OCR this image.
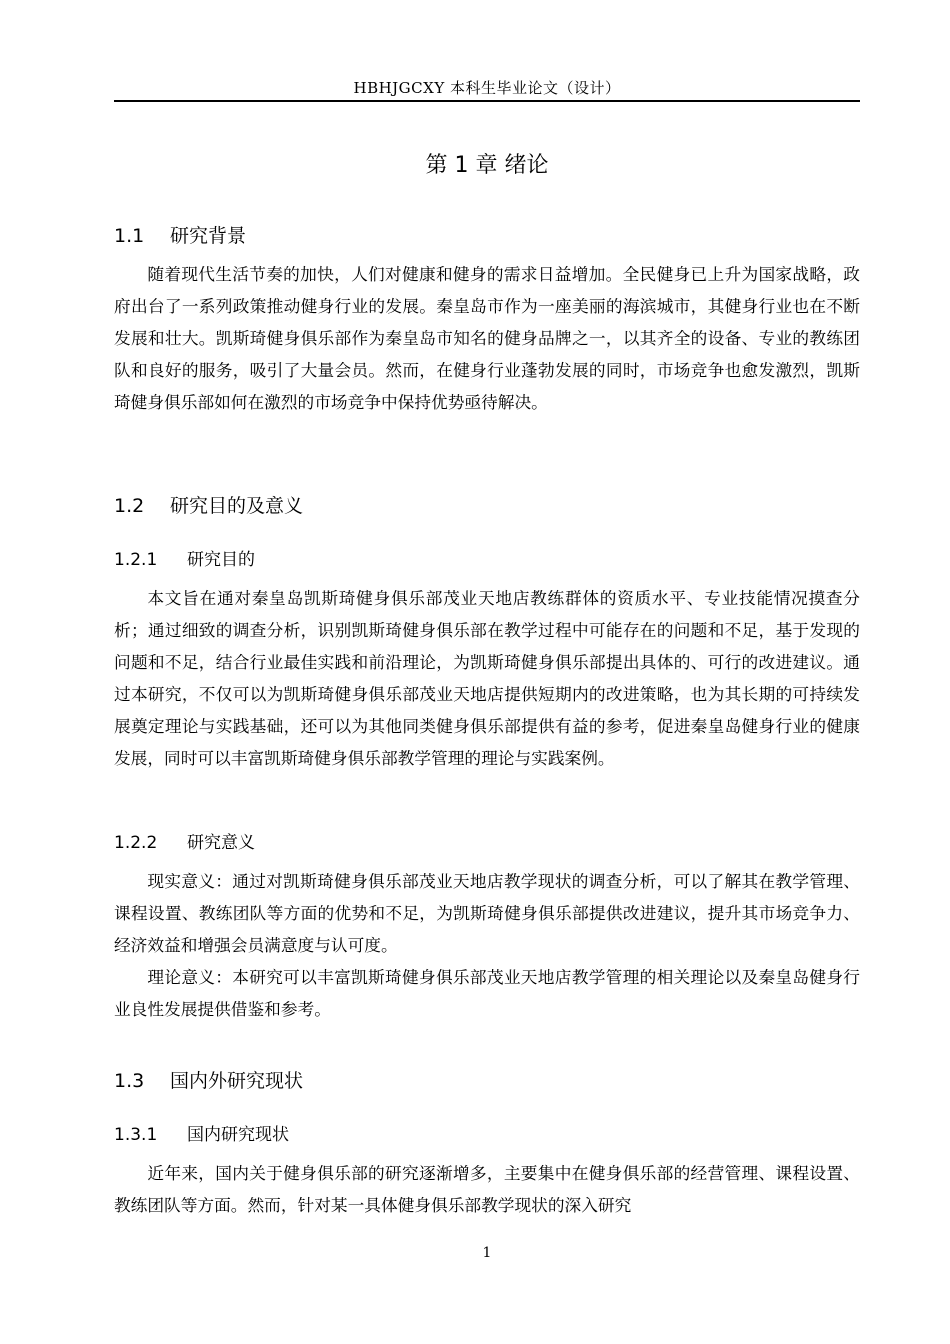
HBHJGCXY 本科生毕业论文（设计）
第 1 章 绪论
1.1 研究背景

随着现代生活节奏的加快，人们对健康和健身的需求日益增加。全民健身已上升为国家战略，政府出台了一系列政策推动健身行业的发展。秦皇岛市作为一座美丽的海滨城市，其健身行业也在不断发展和壮大。凯斯琦健身俱乐部作为秦皇岛市知名的健身品牌之一，以其齐全的设备、专业的教练团队和良好的服务，吸引了大量会员。然而，在健身行业蓬勃发展的同时，市场竞争也愈发激烈，凯斯琦健身俱乐部如何在激烈的市场竞争中保持优势亟待解决。

1.2 研究目的及意义
1.2.1 研究目的

本文旨在通对秦皇岛凯斯琦健身俱乐部茂业天地店教练群体的资质水平、专业技能情况摸查分析；通过细致的调查分析，识别凯斯琦健身俱乐部在教学过程中可能存在的问题和不足，基于发现的问题和不足，结合行业最佳实践和前沿理论，为凯斯琦健身俱乐部提出具体的、可行的改进建议。通过本研究，不仅可以为凯斯琦健身俱乐部茂业天地店提供短期内的改进策略，也为其长期的可持续发展奠定理论与实践基础，还可以为其他同类健身俱乐部提供有益的参考，促进秦皇岛健身行业的健康发展，同时可以丰富凯斯琦健身俱乐部教学管理的理论与实践案例。

1.2.2 研究意义

现实意义：通过对凯斯琦健身俱乐部茂业天地店教学现状的调查分析，可以了解其在教学管理、课程设置、教练团队等方面的优势和不足，为凯斯琦健身俱乐部提供改进建议，提升其市场竞争力、经济效益和增强会员满意度与认可度。

理论意义：本研究可以丰富凯斯琦健身俱乐部茂业天地店教学管理的相关理论以及秦皇岛健身行业良性发展提供借鉴和参考。

1.3 国内外研究现状
1.3.1 国内研究现状

近年来，国内关于健身俱乐部的研究逐渐增多，主要集中在健身俱乐部的经营管理、课程设置、教练团队等方面。然而，针对某一具体健身俱乐部教学现状的深入研究

1
